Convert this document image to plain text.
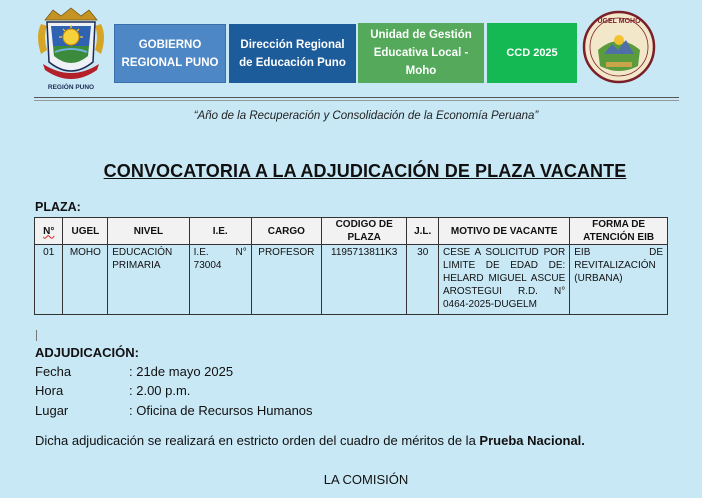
REGIÓN PUNO
GOBIERNO REGIONAL PUNO
Dirección Regional de Educación Puno
Unidad de Gestión Educativa Local - Moho
CCD 2025
UGEL MOHO
“Año de la Recuperación y Consolidación de la Economía Peruana”
CONVOCATORIA A LA ADJUDICACIÓN DE PLAZA VACANTE
PLAZA:
N°	UGEL	NIVEL	I.E.	CARGO	CODIGO DE PLAZA	J.L.	MOTIVO DE VACANTE	FORMA DE ATENCIÓN EIB
01	MOHO	EDUCACIÓN PRIMARIA	I.E. N° 73004	PROFESOR	1195713811K3	30	CESE A SOLICITUD POR LIMITE DE EDAD DE: HELARD MIGUEL ASCUE AROSTEGUI R.D. N° 0464-2025-DUGELM	EIB DE REVITALIZACIÓN (URBANA)
ADJUDICACIÓN:
Fecha	: 21de mayo 2025
Hora	: 2.00 p.m.
Lugar	: Oficina de Recursos Humanos
Dicha adjudicación se realizará en estricto orden del cuadro de méritos de la Prueba Nacional.
LA COMISIÓN
